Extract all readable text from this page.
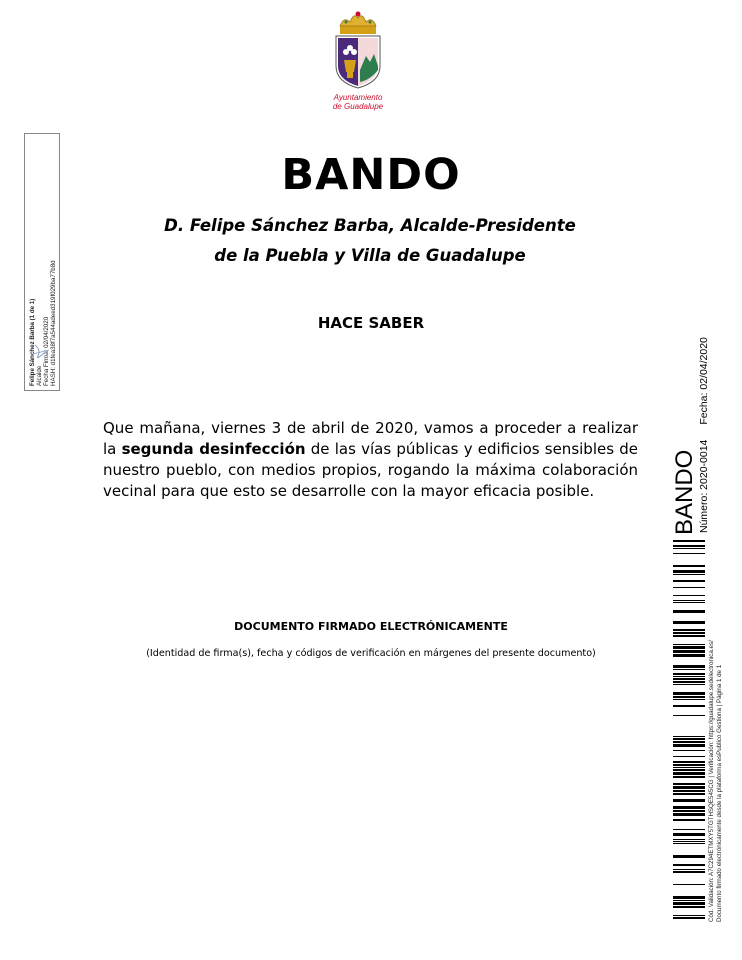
Ayuntamiento
de Guadalupe
Felipe Sánchez Barba (1 de 1) Alcalde Fecha Firma: 02/04/2020 HASH: d1fea38f7a544adeed319f029ba77b8d
BANDO
D. Felipe Sánchez Barba, Alcalde-Presidente
de la Puebla y Villa de Guadalupe
HACE SABER
Que mañana, viernes 3 de abril de 2020, vamos a proceder a realizar la segunda desinfección de las vías públicas y edificios sensibles de nuestro pueblo, con medios propios, rogando la máxima colaboración vecinal para que esto se desarrolle con la mayor eficacia posible.
DOCUMENTO FIRMADO ELECTRÓNICAMENTE
(Identidad de firma(s), fecha y códigos de verificación en márgenes del presente documento)
BANDO Número: 2020-0014 Fecha: 02/04/2020
Cód. Validación: A7C294ETMXY5TGTHSQE545CG | Verificación: https://guadalupe.sedelectronica.es/ Documento firmado electrónicamente desde la plataforma esPublico Gestiona | Página 1 de 1
